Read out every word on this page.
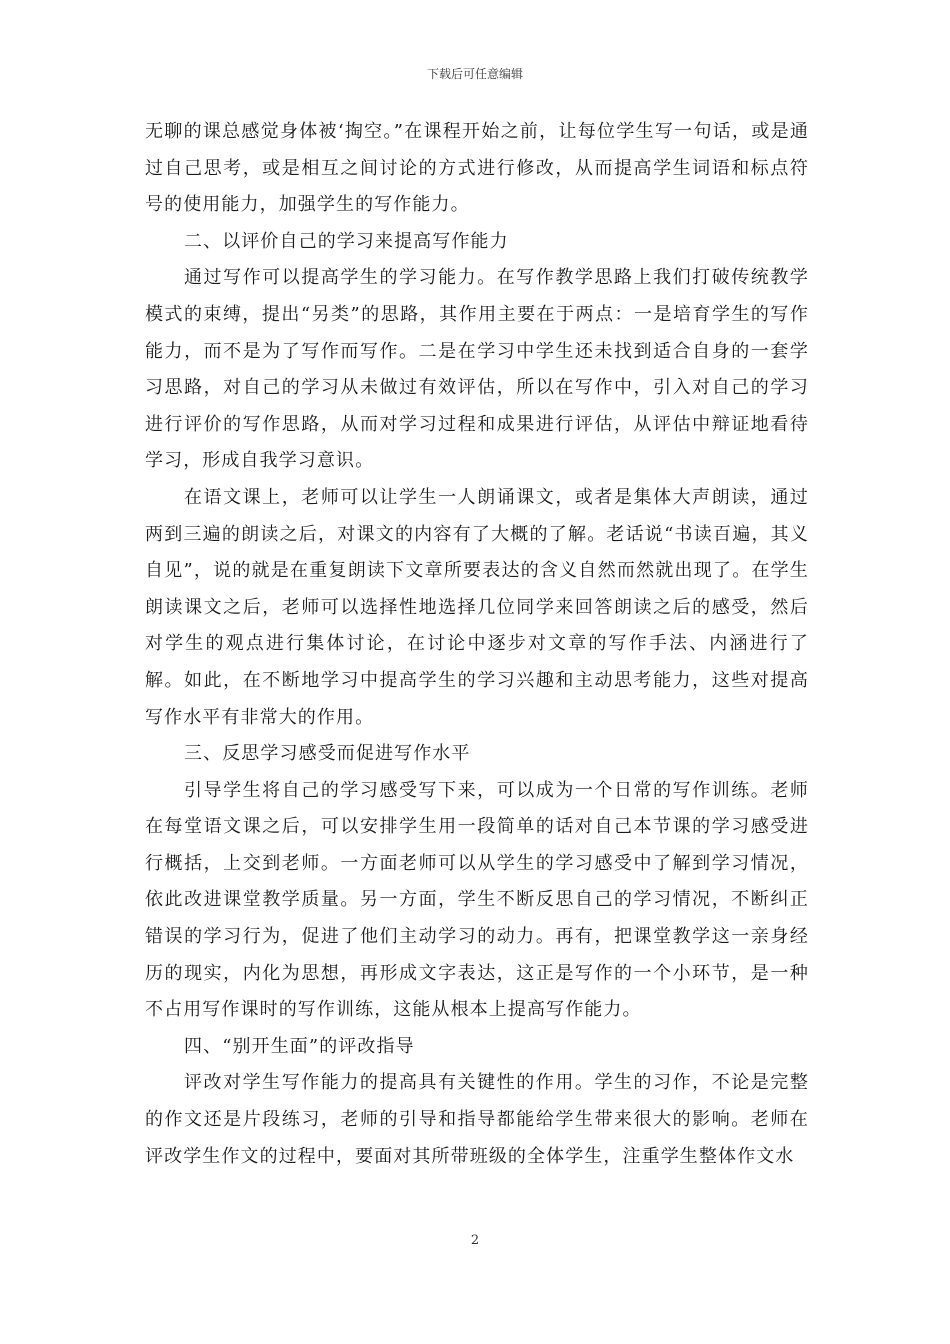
下载后可任意编辑

无聊的课总感觉身体被‘掏空。”在课程开始之前，让每位学生写一句话，或是通过自己思考，或是相互之间讨论的方式进行修改，从而提高学生词语和标点符号的使用能力，加强学生的写作能力。

二、以评价自己的学习来提高写作能力

通过写作可以提高学生的学习能力。在写作教学思路上我们打破传统教学模式的束缚，提出“另类”的思路，其作用主要在于两点：一是培育学生的写作能力，而不是为了写作而写作。二是在学习中学生还未找到适合自身的一套学习思路，对自己的学习从未做过有效评估，所以在写作中，引入对自己的学习进行评价的写作思路，从而对学习过程和成果进行评估，从评估中辩证地看待学习，形成自我学习意识。

在语文课上，老师可以让学生一人朗诵课文，或者是集体大声朗读，通过两到三遍的朗读之后，对课文的内容有了大概的了解。老话说“书读百遍，其义自见”，说的就是在重复朗读下文章所要表达的含义自然而然就出现了。在学生朗读课文之后，老师可以选择性地选择几位同学来回答朗读之后的感受，然后对学生的观点进行集体讨论，在讨论中逐步对文章的写作手法、内涵进行了解。如此，在不断地学习中提高学生的学习兴趣和主动思考能力，这些对提高写作水平有非常大的作用。

三、反思学习感受而促进写作水平

引导学生将自己的学习感受写下来，可以成为一个日常的写作训练。老师在每堂语文课之后，可以安排学生用一段简单的话对自己本节课的学习感受进行概括，上交到老师。一方面老师可以从学生的学习感受中了解到学习情况，依此改进课堂教学质量。另一方面，学生不断反思自己的学习情况，不断纠正错误的学习行为，促进了他们主动学习的动力。再有，把课堂教学这一亲身经历的现实，内化为思想，再形成文字表达，这正是写作的一个小环节，是一种不占用写作课时的写作训练，这能从根本上提高写作能力。

四、“别开生面”的评改指导

评改对学生写作能力的提高具有关键性的作用。学生的习作，不论是完整的作文还是片段练习，老师的引导和指导都能给学生带来很大的影响。老师在评改学生作文的过程中，要面对其所带班级的全体学生，注重学生整体作文水

2
